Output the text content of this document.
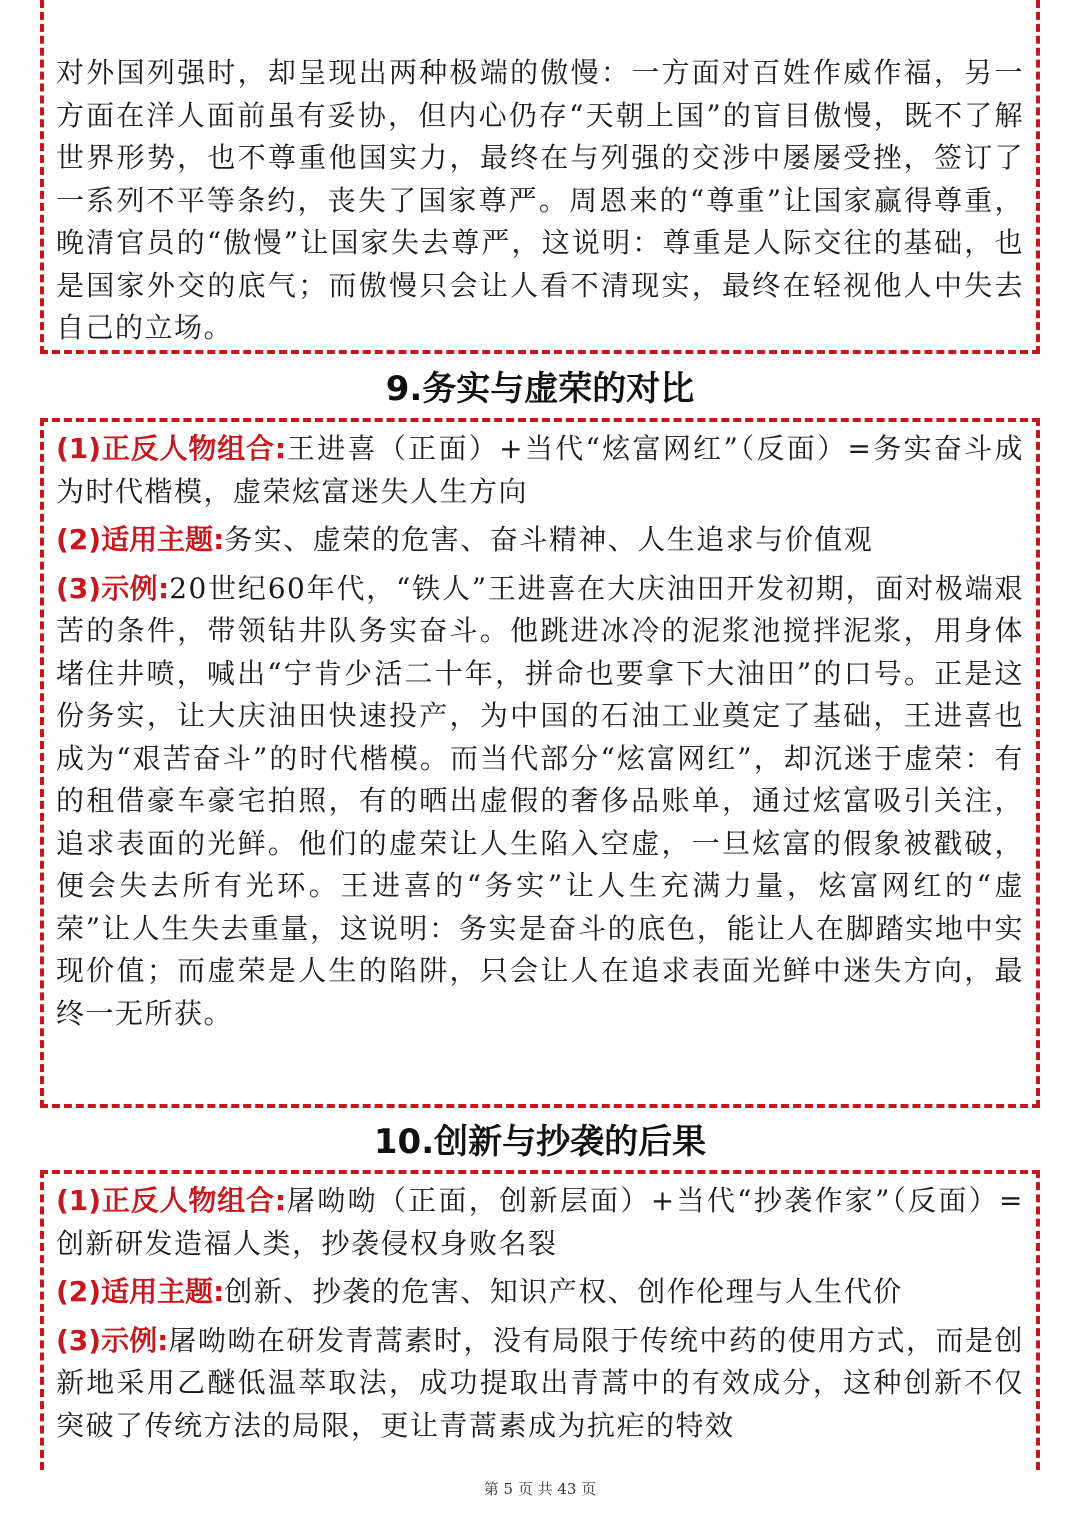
对外国列强时，却呈现出两种极端的傲慢：一方面对百姓作威作福，另一方面在洋人面前虽有妥协，但内心仍存“天朝上国”的盲目傲慢，既不了解世界形势，也不尊重他国实力，最终在与列强的交涉中屡屡受挫，签订了一系列不平等条约，丧失了国家尊严。周恩来的“尊重”让国家赢得尊重，晚清官员的“傲慢”让国家失去尊严，这说明：尊重是人际交往的基础，也是国家外交的底气；而傲慢只会让人看不清现实，最终在轻视他人中失去自己的立场。

9.务实与虚荣的对比

(1)正反人物组合:王进喜（正面）+当代“炫富网红”（反面）=务实奋斗成为时代楷模，虚荣炫富迷失人生方向

(2)适用主题:务实、虚荣的危害、奋斗精神、人生追求与价值观

(3)示例:20世纪60年代，“铁人”王进喜在大庆油田开发初期，面对极端艰苦的条件，带领钻井队务实奋斗。他跳进冰冷的泥浆池搅拌泥浆，用身体堵住井喷，喊出“宁肯少活二十年，拼命也要拿下大油田”的口号。正是这份务实，让大庆油田快速投产，为中国的石油工业奠定了基础，王进喜也成为“艰苦奋斗”的时代楷模。而当代部分“炫富网红”，却沉迷于虚荣：有的租借豪车豪宅拍照，有的晒出虚假的奢侈品账单，通过炫富吸引关注，追求表面的光鲜。他们的虚荣让人生陷入空虚，一旦炫富的假象被戳破，便会失去所有光环。王进喜的“务实”让人生充满力量，炫富网红的“虚荣”让人生失去重量，这说明：务实是奋斗的底色，能让人在脚踏实地中实现价值；而虚荣是人生的陷阱，只会让人在追求表面光鲜中迷失方向，最终一无所获。

10.创新与抄袭的后果

(1)正反人物组合:屠呦呦（正面，创新层面）+当代“抄袭作家”（反面）=创新研发造福人类，抄袭侵权身败名裂

(2)适用主题:创新、抄袭的危害、知识产权、创作伦理与人生代价

(3)示例:屠呦呦在研发青蒿素时，没有局限于传统中药的使用方式，而是创新地采用乙醚低温萃取法，成功提取出青蒿中的有效成分，这种创新不仅突破了传统方法的局限，更让青蒿素成为抗疟的特效

第 5 页 共 43 页
